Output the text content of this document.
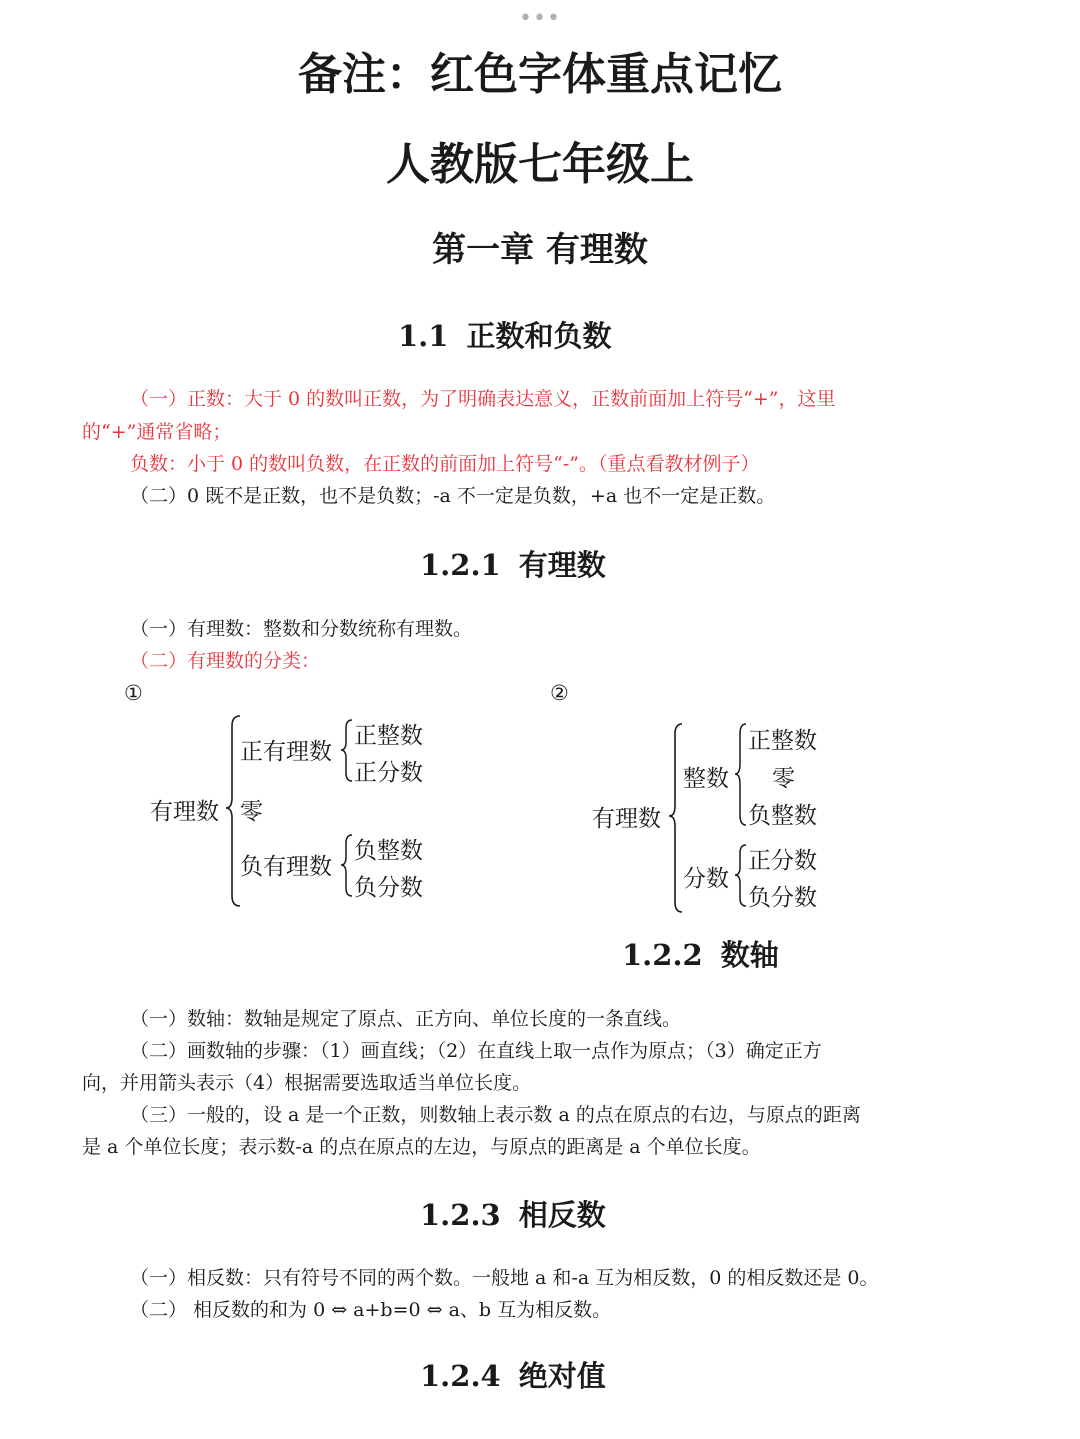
•••
备注：红色字体重点记忆
人教版七年级上
第一章 有理数
1.1 正数和负数
（一）正数：大于 0 的数叫正数，为了明确表达意义，正数前面加上符号“+”，这里
的“+”通常省略；
负数：小于 0 的数叫负数，在正数的前面加上符号“-”。（重点看教材例子）
（二）0 既不是正数，也不是负数；-a 不一定是负数，+a 也不一定是正数。
1.2.1 有理数
（一）有理数：整数和分数统称有理数。
（二）有理数的分类：
①	②
有理数
正有理数
正整数
正分数
零
负有理数
负整数
负分数
有理数
整数
正整数
零
负整数
分数
正分数
负分数
1.2.2 数轴
（一）数轴：数轴是规定了原点、正方向、单位长度的一条直线。
（二）画数轴的步骤：（1）画直线；（2）在直线上取一点作为原点；（3）确定正方
向，并用箭头表示（4）根据需要选取适当单位长度。
（三）一般的，设 a 是一个正数，则数轴上表示数 a 的点在原点的右边，与原点的距离
是 a 个单位长度；表示数-a 的点在原点的左边，与原点的距离是 a 个单位长度。
1.2.3 相反数
（一）相反数：只有符号不同的两个数。一般地 a 和-a 互为相反数，0 的相反数还是 0。
（二） 相反数的和为 0 ⇔ a+b=0 ⇔ a、b 互为相反数。
1.2.4 绝对值
